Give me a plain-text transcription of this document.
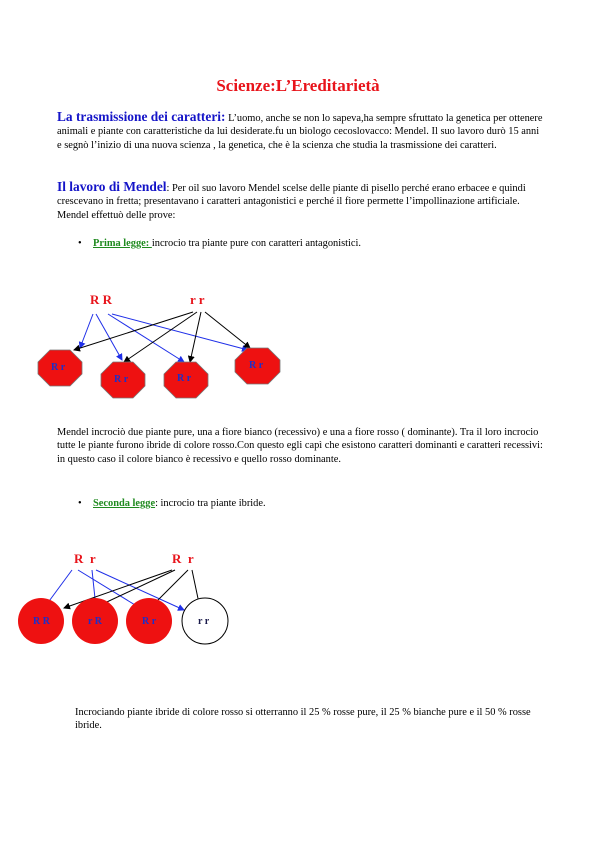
Scienze:L’Ereditarietà
La trasmissione dei caratteri: L’uomo, anche se non lo sapeva,ha sempre sfruttato la genetica per ottenere animali e piante con caratteristiche da lui desiderate.fu un biologo cecoslovacco: Mendel. Il suo lavoro durò 15 anni e segnò l’inizio di una nuova scienza , la genetica, che è la scienza che studia la trasmissione dei caratteri.
Il lavoro di Mendel: Per oil suo lavoro Mendel scelse delle piante di pisello perché erano erbacee e quindi crescevano in fretta; presentavano i caratteri antagonistici e perché il fiore permette l’impollinazione artificiale. Mendel effettuò delle prove:
• Prima legge: incrocio tra piante pure con caratteri antagonistici.
R R	r r
R r
R r	R r
R r
Mendel incrociò due piante pure, una a fiore bianco (recessivo) e una a fiore rosso ( dominante). Tra il loro incrocio tutte le piante furono ibride di colore rosso.Con questo egli capì che esistono caratteri dominanti e caratteri recessivi: in questo caso il colore bianco è recessivo e quello rosso dominante.
• Seconda legge: incrocio tra piante ibride.
R  r	R  r
R R	r R	R r	r r
Incrociando piante ibride di colore rosso si otterranno il 25 % rosse pure, il 25 % bianche pure e il 50 % rosse ibride.
